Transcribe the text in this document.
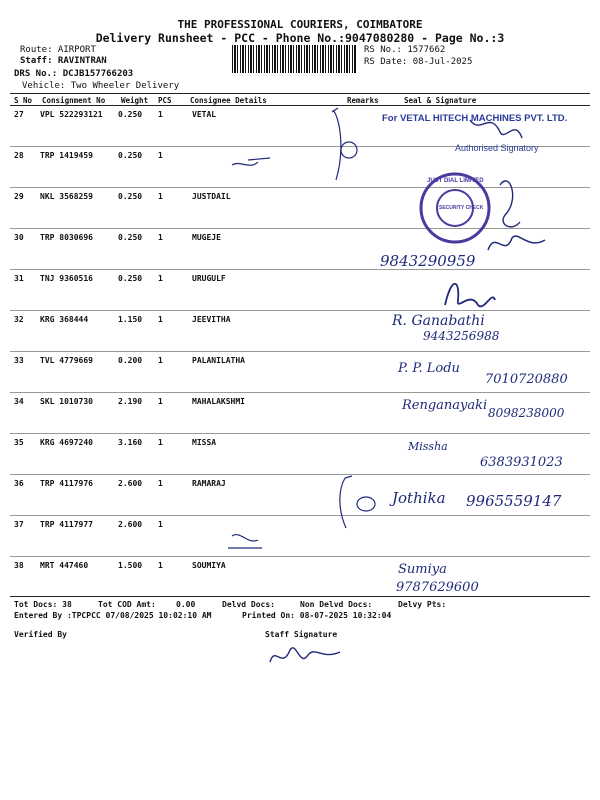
THE PROFESSIONAL COURIERS, COIMBATORE
Delivery Runsheet - PCC - Phone No.:9047080280 - Page No.:3
Route: AIRPORT
Staff: RAVINTRAN
DRS No.: DCJB157766203
Vehicle: Two Wheeler Delivery
RS No.: 1577662
RS Date: 08-Jul-2025
S No Consignment No Weight PCS Consignee Details	Remarks	Seal & Signature
27 VPL 522293121 0.250 1	VETAL
28 TRP 1419459	0.250 1
29 NKL 3568259	0.250 1	JUSTDAIL
30 TRP 8030696	0.250 1	MUGEJE
31 TNJ 9360516	0.250 1	URUGULF
32 KRG 368444	1.150 1	JEEVITHA
33 TVL 4779669	0.200 1	PALANILATHA
34 SKL 1010730	2.190 1	MAHALAKSHMI
35 KRG 4697240	3.160 1	MISSA
36 TRP 4117976	2.600 1	RAMARAJ
37 TRP 4117977	2.600 1
38 MRT 447460	1.500 1	SOUMIYA
For VETAL HITECH MACHINES PVT. LTD.
Authorised Signatory
JUST DIAL LIMITED
SECURITY CHECK
9843290959
R. Ganabathi
9443256988
P. P. Lodu
7010720880
Renganayaki 8098238000
Missha
6383931023
Jothika 9965559147
Sumiya
9787629600
Tot Docs: 38	Tot COD Amt:	0.00	Delvd Docs:	Non Delvd Docs:	Delvy Pts:
Entered By :TPCPCC 07/08/2025 10:02:10 AM	Printed On: 08-07-2025 10:32:04
Verified By	Staff Signature
